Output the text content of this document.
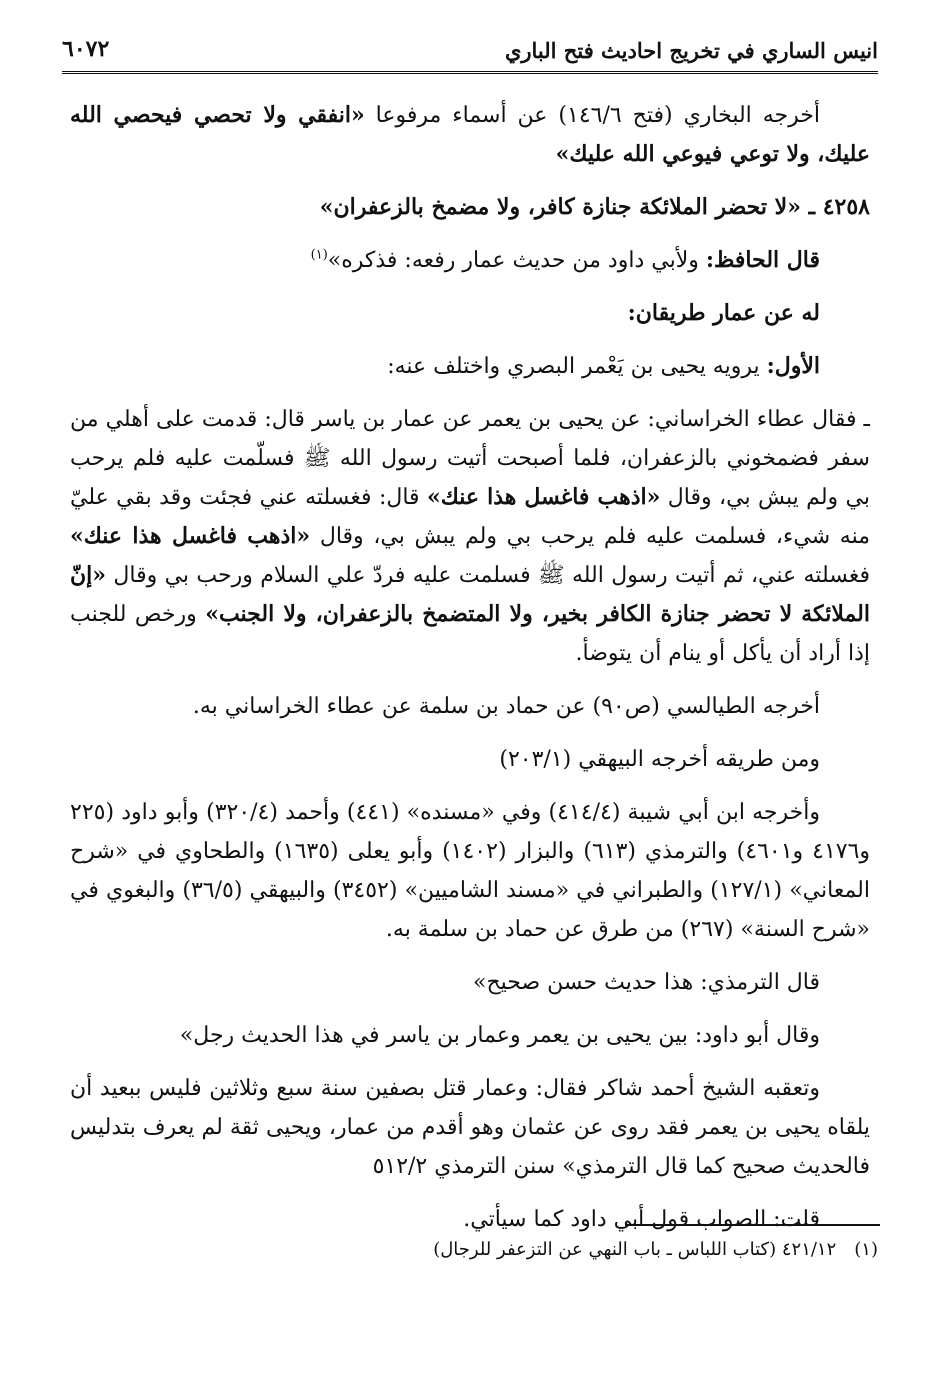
انيس الساري في تخريج احاديث فتح الباري
٦٠٧٢

أخرجه البخاري (فتح ١٤٦/٦) عن أسماء مرفوعا «انفقي ولا تحصي فيحصي الله عليك، ولا توعي فيوعي الله عليك»

٤٢٥٨ ـ «لا تحضر الملائكة جنازة كافر، ولا مضمخ بالزعفران»

قال الحافظ: ولأبي داود من حديث عمار رفعه: فذكره»$^{(١)}$

له عن عمار طريقان:

الأول: يرويه يحيى بن يَعْمر البصري واختلف عنه:

ـ فقال عطاء الخراساني: عن يحيى بن يعمر عن عمار بن ياسر قال: قدمت على أهلي من سفر فضمخوني بالزعفران، فلما أصبحت أتيت رسول الله ﷺ فسلّمت عليه فلم يرحب بي ولم يبش بي، وقال «اذهب فاغسل هذا عنك» قال: فغسلته عني فجئت وقد بقي عليّ منه شيء، فسلمت عليه فلم يرحب بي ولم يبش بي، وقال «اذهب فاغسل هذا عنك» فغسلته عني، ثم أتيت رسول الله ﷺ فسلمت عليه فردّ علي السلام ورحب بي وقال «إنّ الملائكة لا تحضر جنازة الكافر بخير، ولا المتضمخ بالزعفران، ولا الجنب» ورخص للجنب إذا أراد أن يأكل أو ينام أن يتوضأ.

أخرجه الطيالسي (ص٩٠) عن حماد بن سلمة عن عطاء الخراساني به.

ومن طريقه أخرجه البيهقي (٢٠٣/١)

وأخرجه ابن أبي شيبة (٤١٤/٤) وفي «مسنده» (٤٤١) وأحمد (٣٢٠/٤) وأبو داود (٢٢٥ و٤١٧٦ و٤٦٠١) والترمذي (٦١٣) والبزار (١٤٠٢) وأبو يعلى (١٦٣٥) والطحاوي في «شرح المعاني» (١٢٧/١) والطبراني في «مسند الشاميين» (٣٤٥٢) والبيهقي (٣٦/٥) والبغوي في «شرح السنة» (٢٦٧) من طرق عن حماد بن سلمة به.

قال الترمذي: هذا حديث حسن صحيح»

وقال أبو داود: بين يحيى بن يعمر وعمار بن ياسر في هذا الحديث رجل»

وتعقبه الشيخ أحمد شاكر فقال: وعمار قتل بصفين سنة سبع وثلاثين فليس ببعيد أن يلقاه يحيى بن يعمر فقد روى عن عثمان وهو أقدم من عمار، ويحيى ثقة لم يعرف بتدليس فالحديث صحيح كما قال الترمذي» سنن الترمذي ٥١٢/٢

قلت: الصواب قول أبي داود كما سيأتي.

(١)٤٢١/١٢ (كتاب اللباس ـ باب النهي عن التزعفر للرجال)
